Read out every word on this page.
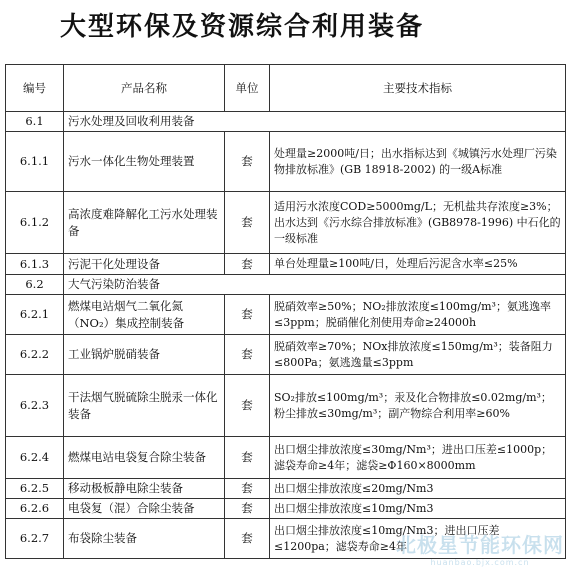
大型环保及资源综合利用装备
编号	产品名称	单位	主要技术指标
6.1	污水处理及回收利用装备		
6.1.1	污水一体化生物处理装置	套	处理量≥2000吨/日；出水指标达到《城镇污水处理厂污染物排放标准》(GB 18918-2002) 的一级A标准
6.1.2	高浓度难降解化工污水处理装备	套	适用污水浓度COD≥5000mg/L；无机盐共存浓度≥3%；出水达到《污水综合排放标准》(GB8978-1996) 中石化的一级标准
6.1.3	污泥干化处理设备	套	单台处理量≥100吨/日，处理后污泥含水率≤25%
6.2	大气污染防治装备		
6.2.1	燃煤电站烟气二氧化氮（NO₂）集成控制装备	套	脱硝效率≥50%；NO₂排放浓度≤100mg/m³；氨逃逸率≤3ppm；脱硝催化剂使用寿命≥24000h
6.2.2	工业锅炉脱硝装备	套	脱硝效率≥70%；NOx排放浓度≤150mg/m³；装备阻力≤800Pa；氨逃逸量≤3ppm
6.2.3	干法烟气脱硫除尘脱汞一体化装备	套	SO₂排放≤100mg/m³；汞及化合物排放≤0.02mg/m³；粉尘排放≤30mg/m³；副产物综合利用率≥60%
6.2.4	燃煤电站电袋复合除尘装备	套	出口烟尘排放浓度≤30mg/Nm³；进出口压差≤1000p；滤袋寿命≥4年；滤袋≥Φ160×8000mm
6.2.5	移动极板静电除尘装备	套	出口烟尘排放浓度≤20mg/Nm3
6.2.6	电袋复（混）合除尘装备	套	出口烟尘排放浓度≤10mg/Nm3
6.2.7	布袋除尘装备	套	出口烟尘排放浓度≤10mg/Nm3；进出口压差≤1200pa；滤袋寿命≥4年
北极星节能环保网
huanbao.bjx.com.cn
